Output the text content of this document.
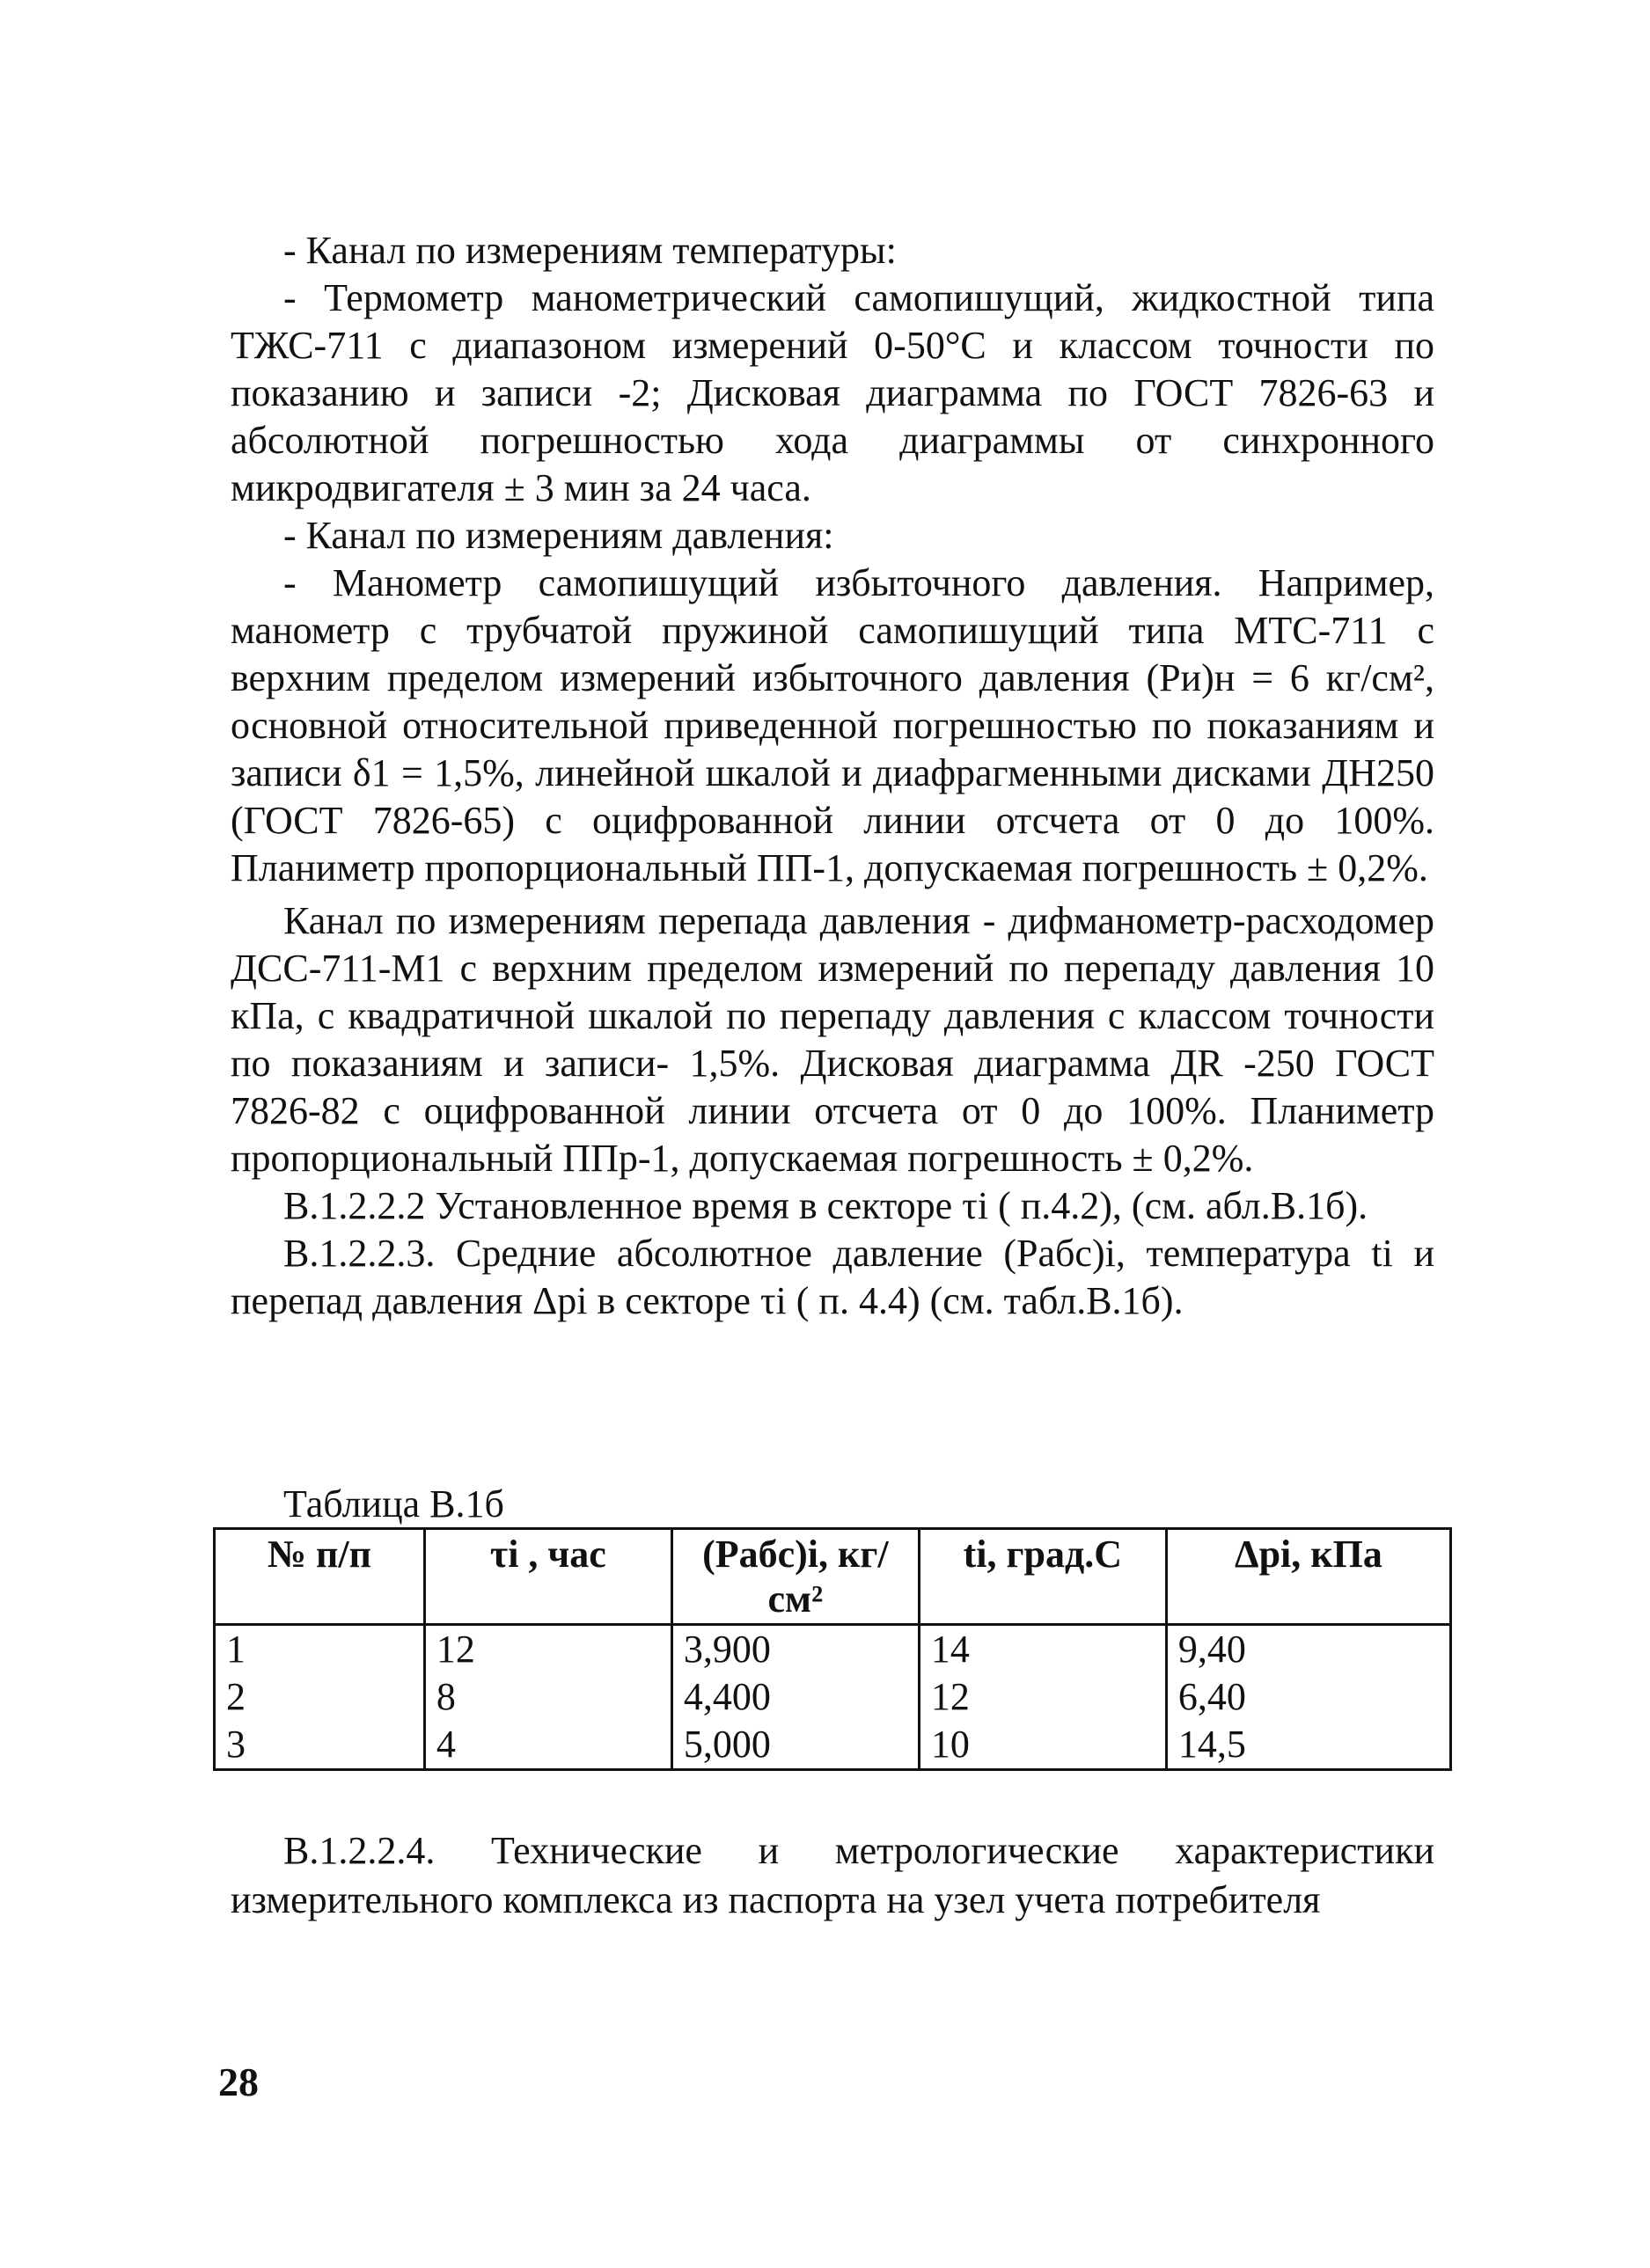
- Канал по измерениям температуры:

- Термометр манометрический самопишущий, жидкостной типа ТЖС-711 с диапазоном измерений 0-50°С и классом точности по показанию и записи -2; Дисковая диаграмма по ГОСТ 7826-63 и абсолютной погрешностью хода диаграммы от синхронного микродвигателя ± 3 мин за 24 часа.

- Канал по измерениям давления:

- Манометр самопишущий избыточного давления. Например, манометр с трубчатой пружиной самопишущий типа МТС-711 с верхним пределом измерений избыточного давления (Pи)н = 6 кг/см², основной относительной приведенной погрешностью по показаниям и записи δ1 = 1,5%, линейной шкалой и диафрагменными дисками ДН250 (ГОСТ 7826-65) с оцифрованной линии отсчета от 0 до 100%. Планиметр пропорциональный ПП-1, допускаемая погрешность ± 0,2%.

Канал по измерениям перепада давления - дифманометр-расходомер ДСС-711-М1 с верхним пределом измерений по перепаду давления 10 кПа, с квадратичной шкалой по перепаду давления с классом точности по показаниям и записи- 1,5%. Дисковая диаграмма ДR -250 ГОСТ 7826-82 с оцифрованной линии отсчета от 0 до 100%. Планиметр пропорциональный ППр-1, допускаемая погрешность ± 0,2%.

В.1.2.2.2 Установленное время в секторе τi ( п.4.2), (см. абл.В.1б).

В.1.2.2.3. Средние абсолютное давление (Pабс)i, температура ti и перепад давления Δpi в секторе τi ( п. 4.4) (см. табл.В.1б).

Таблица В.1б
№ п/п	τi , час	(Pабс)i, кг/см²	ti, град.С	Δpi, кПа
1	12	3,900	14	9,40
2	8	4,400	12	6,40
3	4	5,000	10	14,5

В.1.2.2.4. Технические и метрологические характеристики измерительного комплекса из паспорта на узел учета потребителя

28
